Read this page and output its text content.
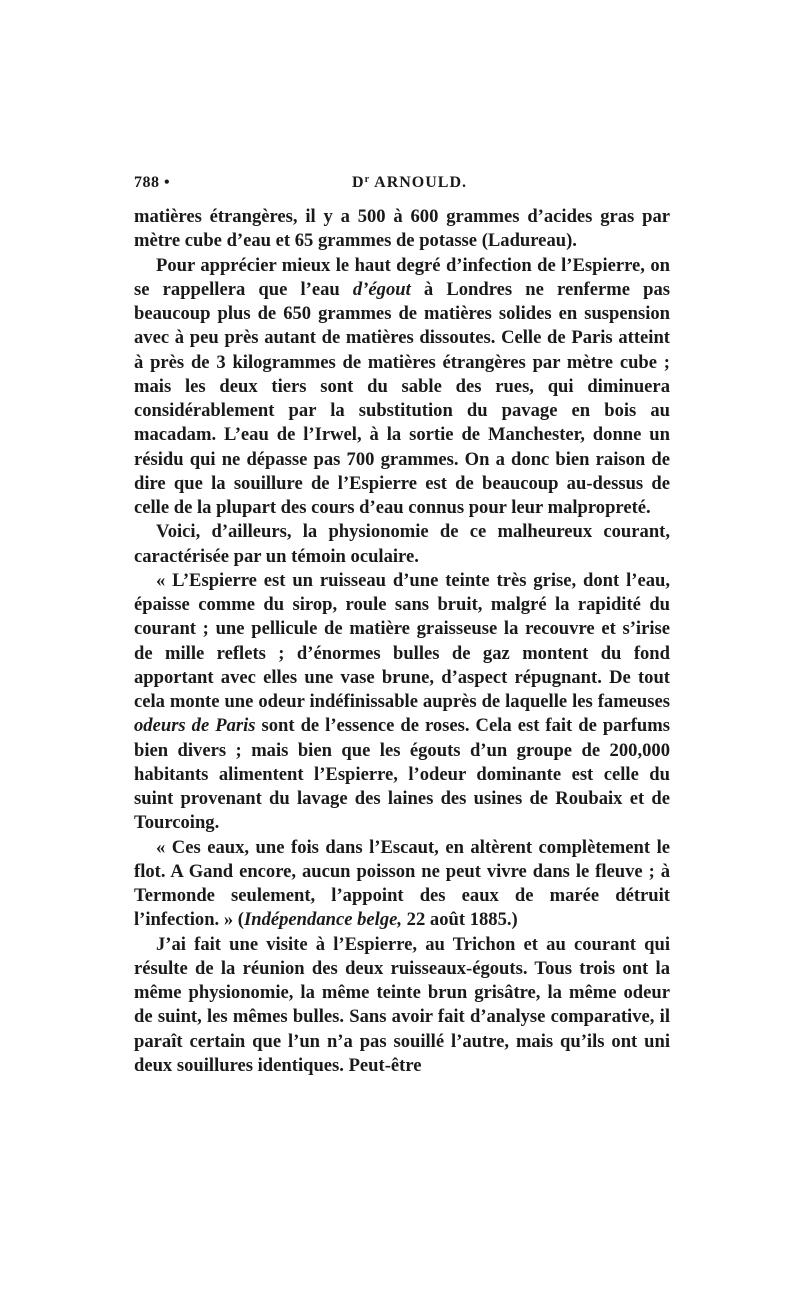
788 •	$D^r$ ARNOULD.

matières étrangères, il y a 500 à 600 grammes d’acides gras par mètre cube d’eau et 65 grammes de potasse (Ladureau).

Pour apprécier mieux le haut degré d’infection de l’Espierre, on se rappellera que l’eau d’égout à Londres ne renferme pas beaucoup plus de 650 grammes de matières solides en suspension avec à peu près autant de matières dissoutes. Celle de Paris atteint à près de 3 kilogrammes de matières étrangères par mètre cube ; mais les deux tiers sont du sable des rues, qui diminuera considérablement par la substitution du pavage en bois au macadam. L’eau de l’Irwel, à la sortie de Manchester, donne un résidu qui ne dépasse pas 700 grammes. On a donc bien raison de dire que la souillure de l’Espierre est de beaucoup au-dessus de celle de la plupart des cours d’eau connus pour leur malpropreté.

Voici, d’ailleurs, la physionomie de ce malheureux courant, caractérisée par un témoin oculaire.

« L’Espierre est un ruisseau d’une teinte très grise, dont l’eau, épaisse comme du sirop, roule sans bruit, malgré la rapidité du courant ; une pellicule de matière graisseuse la recouvre et s’irise de mille reflets ; d’énormes bulles de gaz montent du fond apportant avec elles une vase brune, d’aspect répugnant. De tout cela monte une odeur indéfinissable auprès de laquelle les fameuses odeurs de Paris sont de l’essence de roses. Cela est fait de parfums bien divers ; mais bien que les égouts d’un groupe de 200,000 habitants alimentent l’Espierre, l’odeur dominante est celle du suint provenant du lavage des laines des usines de Roubaix et de Tourcoing.

« Ces eaux, une fois dans l’Escaut, en altèrent complètement le flot. A Gand encore, aucun poisson ne peut vivre dans le fleuve ; à Termonde seulement, l’appoint des eaux de marée détruit l’infection. » (Indépendance belge, 22 août 1885.)

J’ai fait une visite à l’Espierre, au Trichon et au courant qui résulte de la réunion des deux ruisseaux-égouts. Tous trois ont la même physionomie, la même teinte brun grisâtre, la même odeur de suint, les mêmes bulles. Sans avoir fait d’analyse comparative, il paraît certain que l’un n’a pas souillé l’autre, mais qu’ils ont uni deux souillures identiques. Peut-être
